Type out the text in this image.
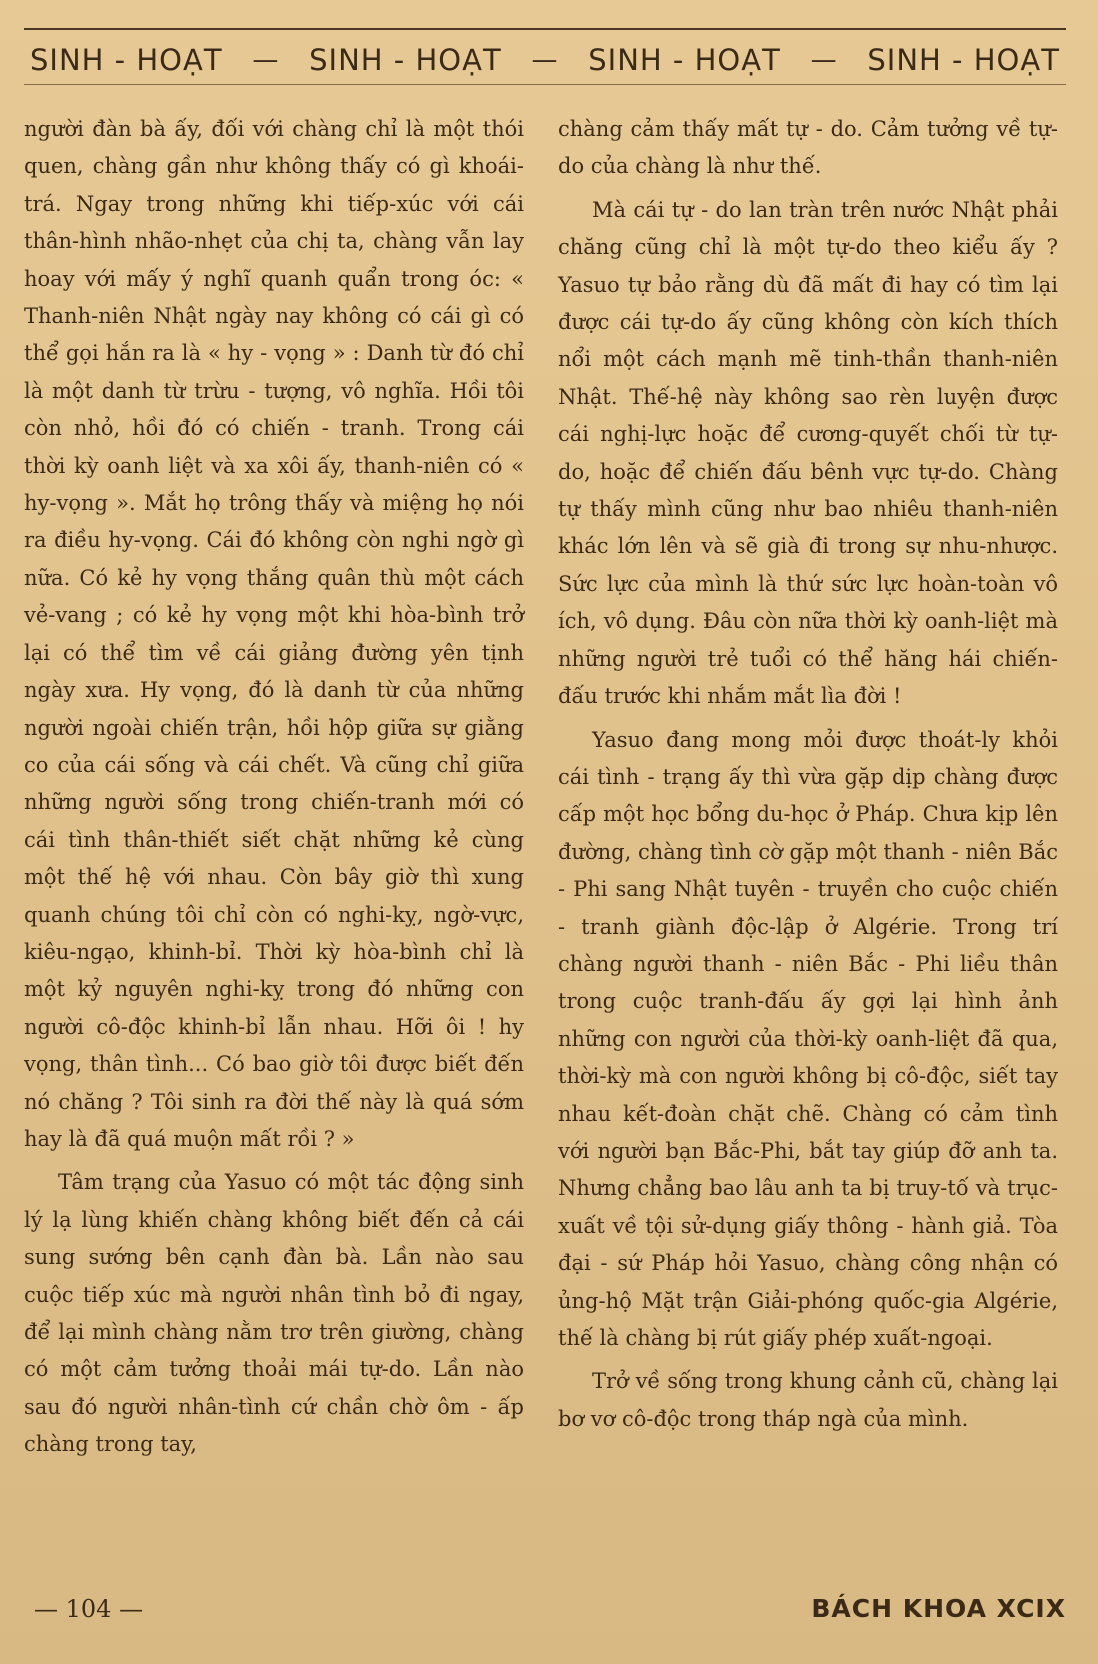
SINH - HOẠT — SINH - HOẠT — SINH - HOẠT — SINH - HOẠT

người đàn bà ấy, đối với chàng chỉ là một thói quen, chàng gần như không thấy có gì khoái-trá. Ngay trong những khi tiếp-xúc với cái thân-hình nhão-nhẹt của chị ta, chàng vẫn lay hoay với mấy ý nghĩ quanh quẩn trong óc: « Thanh-niên Nhật ngày nay không có cái gì có thể gọi hắn ra là « hy - vọng » : Danh từ đó chỉ là một danh từ trừu - tượng, vô nghĩa. Hồi tôi còn nhỏ, hồi đó có chiến - tranh. Trong cái thời kỳ oanh liệt và xa xôi ấy, thanh-niên có « hy-vọng ». Mắt họ trông thấy và miệng họ nói ra điều hy-vọng. Cái đó không còn nghi ngờ gì nữa. Có kẻ hy vọng thắng quân thù một cách vẻ-vang ; có kẻ hy vọng một khi hòa-bình trở lại có thể tìm về cái giảng đường yên tịnh ngày xưa. Hy vọng, đó là danh từ của những người ngoài chiến trận, hồi hộp giữa sự giằng co của cái sống và cái chết. Và cũng chỉ giữa những người sống trong chiến-tranh mới có cái tình thân-thiết siết chặt những kẻ cùng một thế hệ với nhau. Còn bây giờ thì xung quanh chúng tôi chỉ còn có nghi-kỵ, ngờ-vực, kiêu-ngạo, khinh-bỉ. Thời kỳ hòa-bình chỉ là một kỷ nguyên nghi-kỵ trong đó những con người cô-độc khinh-bỉ lẫn nhau. Hỡi ôi ! hy vọng, thân tình... Có bao giờ tôi được biết đến nó chăng ? Tôi sinh ra đời thế này là quá sớm hay là đã quá muộn mất rồi ? »

Tâm trạng của Yasuo có một tác động sinh lý lạ lùng khiến chàng không biết đến cả cái sung sướng bên cạnh đàn bà. Lần nào sau cuộc tiếp xúc mà người nhân tình bỏ đi ngay, để lại mình chàng nằm trơ trên giường, chàng có một cảm tưởng thoải mái tự-do. Lần nào sau đó người nhân-tình cứ chần chờ ôm - ấp chàng trong tay,

chàng cảm thấy mất tự - do. Cảm tưởng về tự-do của chàng là như thế.

Mà cái tự - do lan tràn trên nước Nhật phải chăng cũng chỉ là một tự-do theo kiểu ấy ? Yasuo tự bảo rằng dù đã mất đi hay có tìm lại được cái tự-do ấy cũng không còn kích thích nổi một cách mạnh mẽ tinh-thần thanh-niên Nhật. Thế-hệ này không sao rèn luyện được cái nghị-lực hoặc để cương-quyết chối từ tự-do, hoặc để chiến đấu bênh vực tự-do. Chàng tự thấy mình cũng như bao nhiêu thanh-niên khác lớn lên và sẽ già đi trong sự nhu-nhược. Sức lực của mình là thứ sức lực hoàn-toàn vô ích, vô dụng. Đâu còn nữa thời kỳ oanh-liệt mà những người trẻ tuổi có thể hăng hái chiến-đấu trước khi nhắm mắt lìa đời !

Yasuo đang mong mỏi được thoát-ly khỏi cái tình - trạng ấy thì vừa gặp dịp chàng được cấp một học bổng du-học ở Pháp. Chưa kịp lên đường, chàng tình cờ gặp một thanh - niên Bắc - Phi sang Nhật tuyên - truyền cho cuộc chiến - tranh giành độc-lập ở Algérie. Trong trí chàng người thanh - niên Bắc - Phi liều thân trong cuộc tranh-đấu ấy gợi lại hình ảnh những con người của thời-kỳ oanh-liệt đã qua, thời-kỳ mà con người không bị cô-độc, siết tay nhau kết-đoàn chặt chẽ. Chàng có cảm tình với người bạn Bắc-Phi, bắt tay giúp đỡ anh ta. Nhưng chẳng bao lâu anh ta bị truy-tố và trục-xuất về tội sử-dụng giấy thông - hành giả. Tòa đại - sứ Pháp hỏi Yasuo, chàng công nhận có ủng-hộ Mặt trận Giải-phóng quốc-gia Algérie, thế là chàng bị rút giấy phép xuất-ngoại.

Trở về sống trong khung cảnh cũ, chàng lại bơ vơ cô-độc trong tháp ngà của mình.

— 104 —	BÁCH KHOA XCIX
